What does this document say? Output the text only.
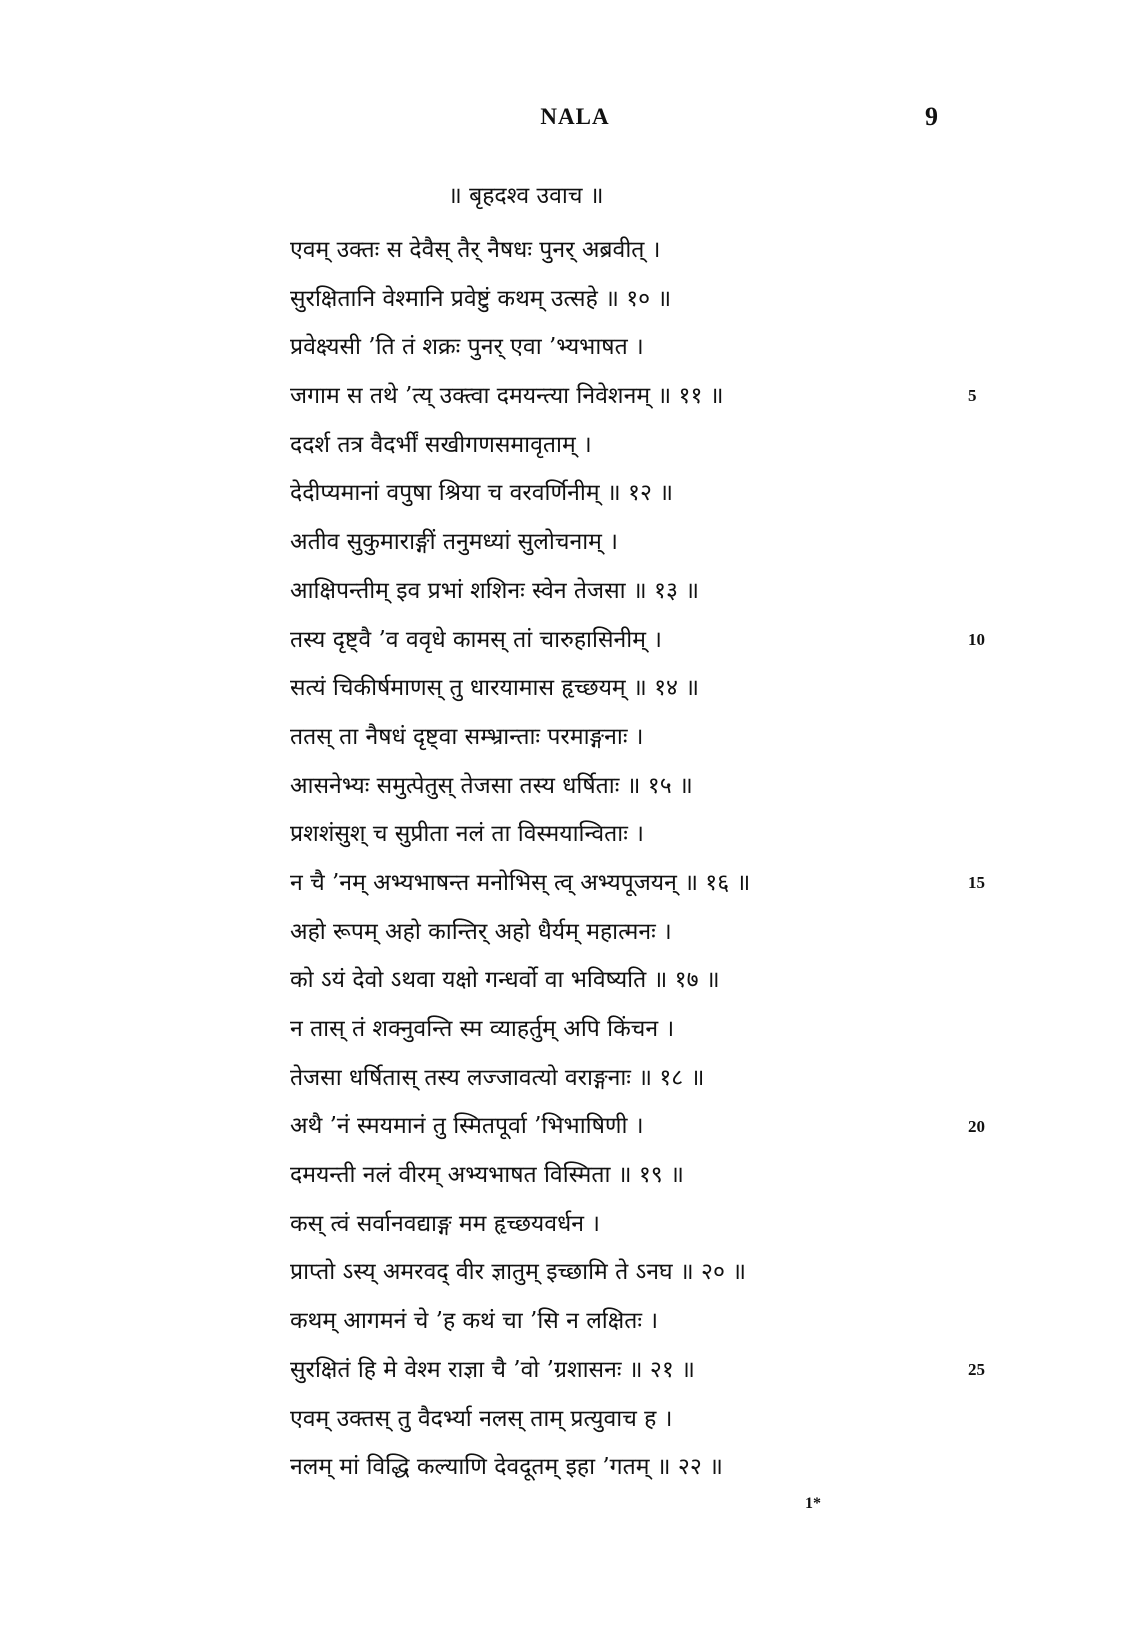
NALA	9
॥ बृहदश्व उवाच ॥
एवम् उक्तः स देवैस् तैर् नैषधः पुनर् अब्रवीत् ।
सुरक्षितानि वेश्मानि प्रवेष्टुं कथम् उत्सहे ॥ १० ॥
प्रवेक्ष्यसी ’ति तं शक्रः पुनर् एवा ’भ्यभाषत ।
जगाम स तथे ’त्य् उक्त्वा दमयन्त्या निवेशनम् ॥ ११ ॥
ददर्श तत्र वैदर्भीं सखीगणसमावृताम् ।
देदीप्यमानां वपुषा श्रिया च वरवर्णिनीम् ॥ १२ ॥
अतीव सुकुमाराङ्गीं तनुमध्यां सुलोचनाम् ।
आक्षिपन्तीम् इव प्रभां शशिनः स्वेन तेजसा ॥ १३ ॥
तस्य दृष्ट्वै ’व ववृधे कामस् तां चारुहासिनीम् ।
सत्यं चिकीर्षमाणस् तु धारयामास हृच्छयम् ॥ १४ ॥
ततस् ता नैषधं दृष्ट्वा सम्भ्रान्ताः परमाङ्गनाः ।
आसनेभ्यः समुत्पेतुस् तेजसा तस्य धर्षिताः ॥ १५ ॥
प्रशशंसुश् च सुप्रीता नलं ता विस्मयान्विताः ।
न चै ’नम् अभ्यभाषन्त मनोभिस् त्व् अभ्यपूजयन् ॥ १६ ॥
अहो रूपम् अहो कान्तिर् अहो धैर्यम् महात्मनः ।
को ऽयं देवो ऽथवा यक्षो गन्धर्वो वा भविष्यति ॥ १७ ॥
न तास् तं शक्नुवन्ति स्म व्याहर्तुम् अपि किंचन ।
तेजसा धर्षितास् तस्य लज्जावत्यो वराङ्गनाः ॥ १८ ॥
अथै ’नं स्मयमानं तु स्मितपूर्वा ’भिभाषिणी ।
दमयन्ती नलं वीरम् अभ्यभाषत विस्मिता ॥ १९ ॥
कस् त्वं सर्वानवद्याङ्ग मम हृच्छयवर्धन ।
प्राप्तो ऽस्य् अमरवद् वीर ज्ञातुम् इच्छामि ते ऽनघ ॥ २० ॥
कथम् आगमनं चे ’ह कथं चा ’सि न लक्षितः ।
सुरक्षितं हि मे वेश्म राज्ञा चै ’वो ’ग्रशासनः ॥ २१ ॥
एवम् उक्तस् तु वैदर्भ्या नलस् ताम् प्रत्युवाच ह ।
नलम् मां विद्धि कल्याणि देवदूतम् इहा ’गतम् ॥ २२ ॥
5
10
15
20
25
1*
